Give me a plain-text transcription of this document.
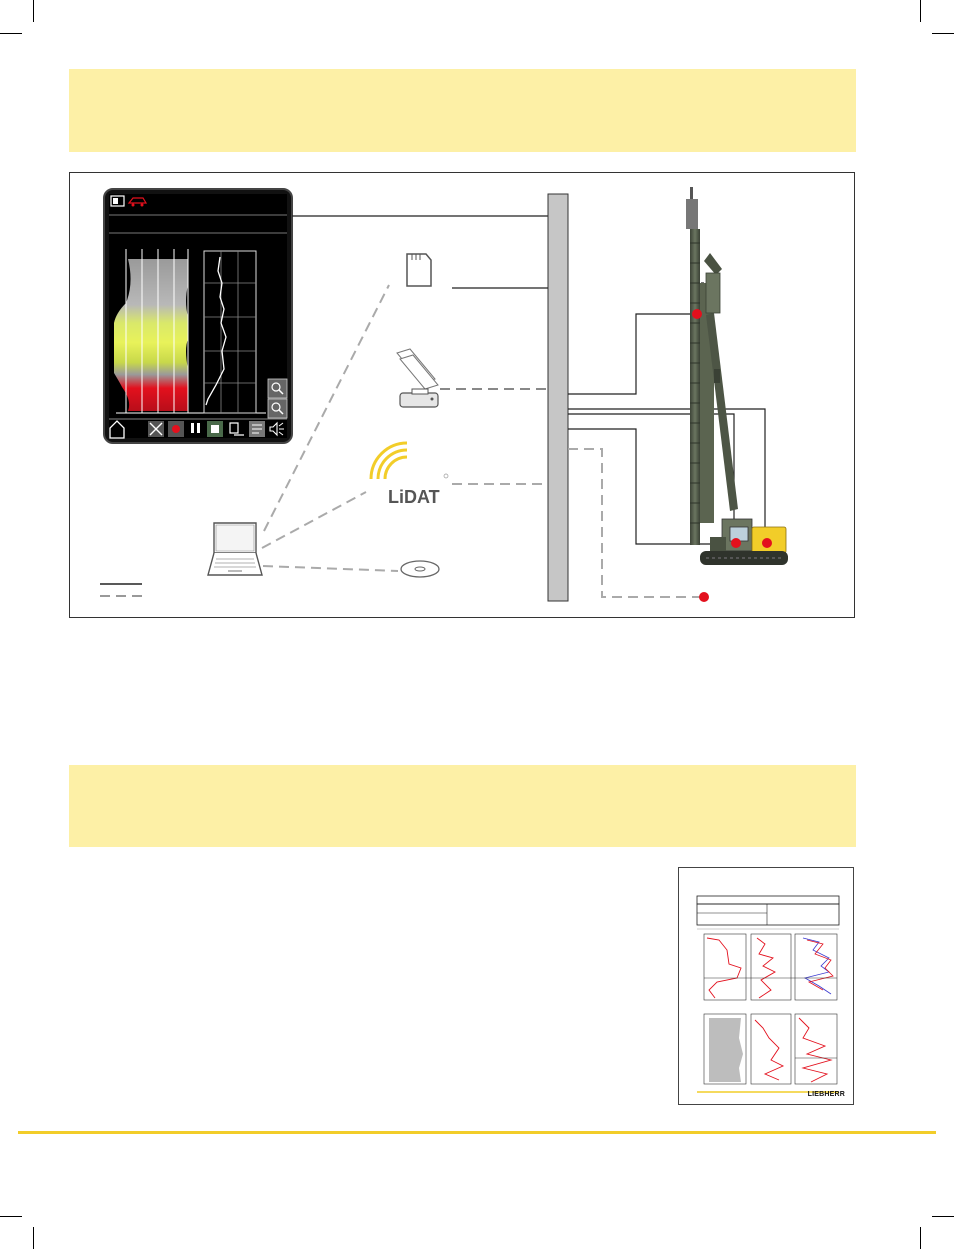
LiDAT
LIEBHERR
